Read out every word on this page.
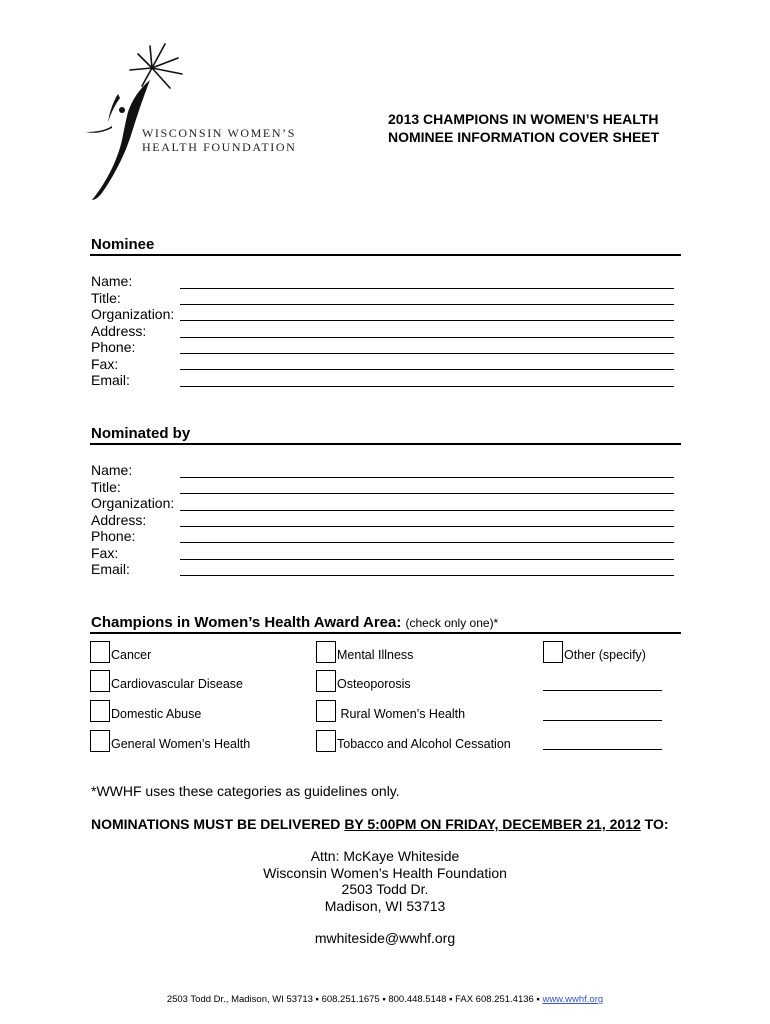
WISCONSIN WOMEN’S
HEALTH FOUNDATION
2013 CHAMPIONS IN WOMEN’S HEALTH
NOMINEE INFORMATION COVER SHEET
Nominee
Name:
Title:
Organization:
Address:
Phone:
Fax:
Email:
Nominated by
Name:
Title:
Organization:
Address:
Phone:
Fax:
Email:
Champions in Women’s Health Award Area: (check only one)*
Cancer
Cardiovascular Disease
Domestic Abuse
General Women’s Health
Mental Illness
Osteoporosis
Rural Women’s Health
Tobacco and Alcohol Cessation
Other (specify)
*WWHF uses these categories as guidelines only.
NOMINATIONS MUST BE DELIVERED BY 5:00PM ON FRIDAY, DECEMBER 21, 2012 TO:
Attn: McKaye Whiteside
Wisconsin Women’s Health Foundation
2503 Todd Dr.
Madison, WI 53713
mwhiteside@wwhf.org
2503 Todd Dr., Madison, WI 53713 ▪ 608.251.1675 ▪ 800.448.5148 ▪ FAX 608.251.4136 ▪ www.wwhf.org
